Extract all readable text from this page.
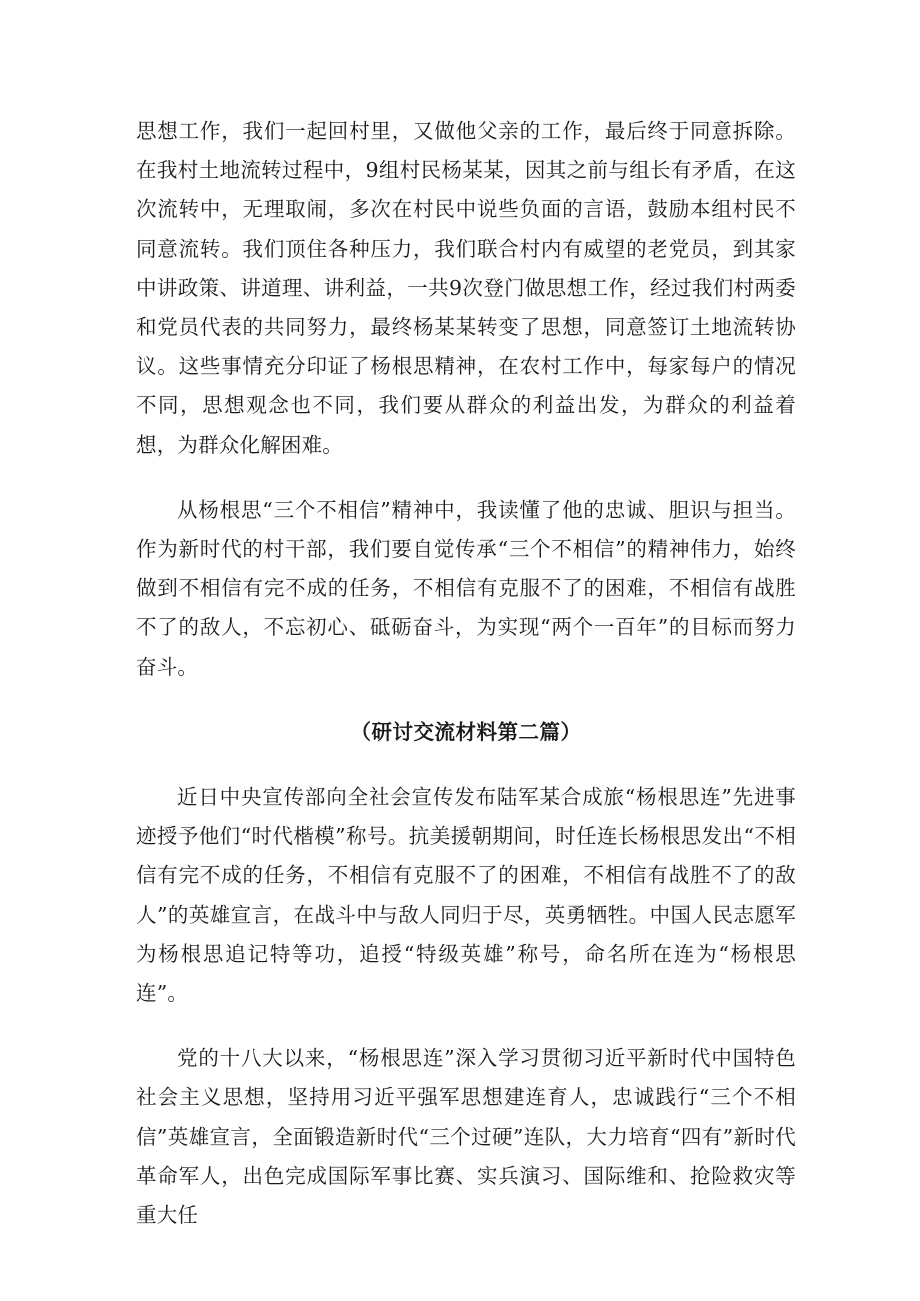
思想工作，我们一起回村里，又做他父亲的工作，最后终于同意拆除。在我村土地流转过程中，9组村民杨某某，因其之前与组长有矛盾，在这次流转中，无理取闹，多次在村民中说些负面的言语，鼓励本组村民不同意流转。我们顶住各种压力，我们联合村内有威望的老党员，到其家中讲政策、讲道理、讲利益，一共9次登门做思想工作，经过我们村两委和党员代表的共同努力，最终杨某某转变了思想，同意签订土地流转协议。这些事情充分印证了杨根思精神，在农村工作中，每家每户的情况不同，思想观念也不同，我们要从群众的利益出发，为群众的利益着想，为群众化解困难。

从杨根思“三个不相信”精神中，我读懂了他的忠诚、胆识与担当。作为新时代的村干部，我们要自觉传承“三个不相信”的精神伟力，始终做到不相信有完不成的任务，不相信有克服不了的困难，不相信有战胜不了的敌人，不忘初心、砥砺奋斗，为实现“两个一百年”的目标而努力奋斗。

（研讨交流材料第二篇）

近日中央宣传部向全社会宣传发布陆军某合成旅“杨根思连”先进事迹授予他们“时代楷模”称号。抗美援朝期间，时任连长杨根思发出“不相信有完不成的任务，不相信有克服不了的困难，不相信有战胜不了的敌人”的英雄宣言，在战斗中与敌人同归于尽，英勇牺牲。中国人民志愿军为杨根思追记特等功，追授“特级英雄”称号，命名所在连为“杨根思连”。

党的十八大以来，“杨根思连”深入学习贯彻习近平新时代中国特色社会主义思想，坚持用习近平强军思想建连育人，忠诚践行“三个不相信”英雄宣言，全面锻造新时代“三个过硬”连队，大力培育“四有”新时代革命军人，出色完成国际军事比赛、实兵演习、国际维和、抢险救灾等重大任
